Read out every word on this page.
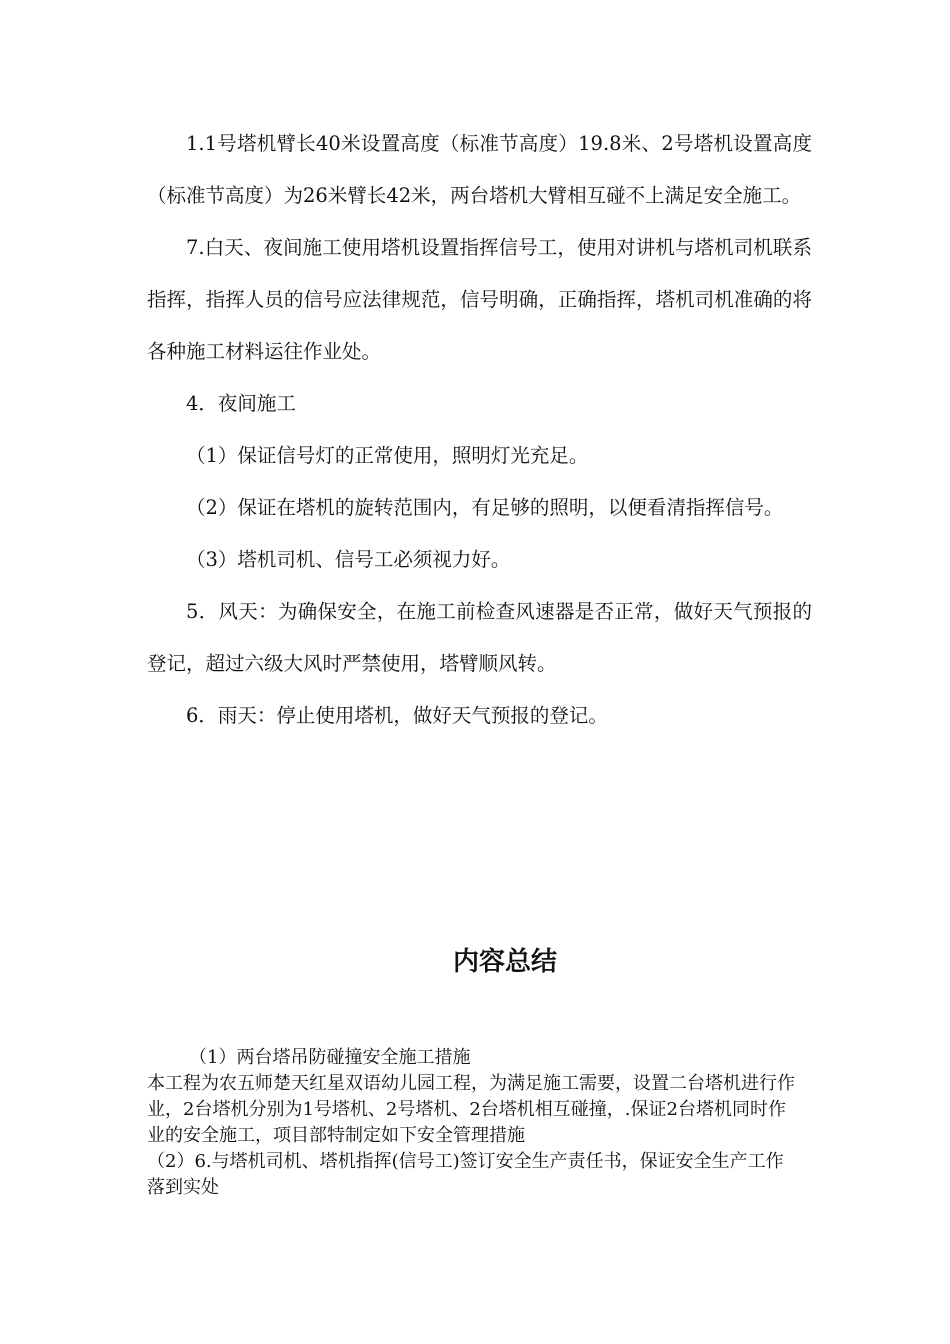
1.1号塔机臂长40米设置高度（标准节高度）19.8米、2号塔机设置高度（标准节高度）为26米臂长42米，两台塔机大臂相互碰不上满足安全施工。

7.白天、夜间施工使用塔机设置指挥信号工，使用对讲机与塔机司机联系指挥，指挥人员的信号应法律规范，信号明确，正确指挥，塔机司机准确的将各种施工材料运往作业处。

4．夜间施工

（1）保证信号灯的正常使用，照明灯光充足。

（2）保证在塔机的旋转范围内，有足够的照明，以便看清指挥信号。

（3）塔机司机、信号工必须视力好。

5．风天：为确保安全，在施工前检查风速器是否正常，做好天气预报的登记，超过六级大风时严禁使用，塔臂顺风转。

6．雨天：停止使用塔机，做好天气预报的登记。

内容总结

（1）两台塔吊防碰撞安全施工措施

本工程为农五师楚天红星双语幼儿园工程，为满足施工需要，设置二台塔机进行作业，2台塔机分别为1号塔机、2号塔机、2台塔机相互碰撞，.保证2台塔机同时作业的安全施工，项目部特制定如下安全管理措施

（2）6.与塔机司机、塔机指挥(信号工)签订安全生产责任书，保证安全生产工作落到实处
